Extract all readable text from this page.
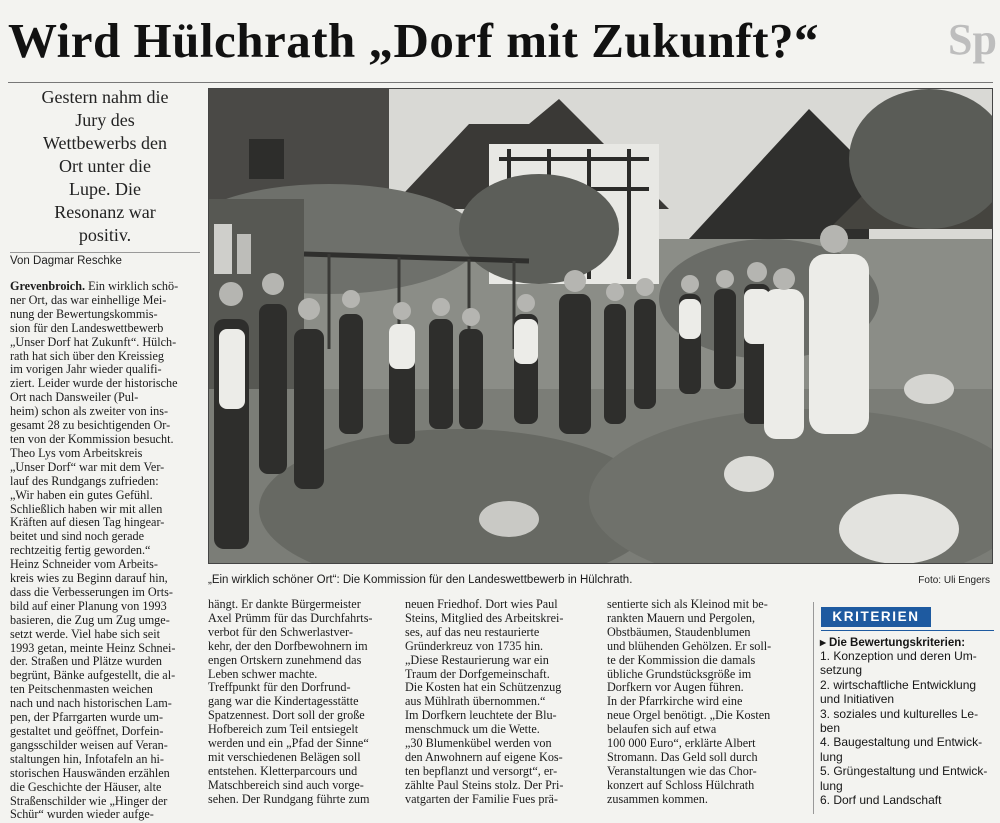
Wird Hülchrath „Dorf mit Zukunft?“	Sp
Gestern nahm die
Jury des
Wettbewerbs den
Ort unter die
Lupe. Die
Resonanz war
positiv.
Von Dagmar Reschke
„Ein wirklich schöner Ort“: Die Kommission für den Landeswettbewerb in Hülchrath.	Foto: Uli Engers
Grevenbroich. Ein wirklich schö-
ner Ort, das war einhellige Mei-
nung der Bewertungskommis-
sion für den Landeswettbewerb
„Unser Dorf hat Zukunft“. Hülch-
rath hat sich über den Kreissieg
im vorigen Jahr wieder qualifi-
ziert. Leider wurde der historische
Ort nach Dansweiler (Pul-
heim) schon als zweiter von ins-
gesamt 28 zu besichtigenden Or-
ten von der Kommission besucht.
Theo Lys vom Arbeitskreis
„Unser Dorf“ war mit dem Ver-
lauf des Rundgangs zufrieden:
„Wir haben ein gutes Gefühl.
Schließlich haben wir mit allen
Kräften auf diesen Tag hingear-
beitet und sind noch gerade
rechtzeitig fertig geworden.“
Heinz Schneider vom Arbeits-
kreis wies zu Beginn darauf hin,
dass die Verbesserungen im Orts-
bild auf einer Planung von 1993
basieren, die Zug um Zug umge-
setzt werde. Viel habe sich seit
1993 getan, meinte Heinz Schnei-
der. Straßen und Plätze wurden
begrünt, Bänke aufgestellt, die al-
ten Peitschenmasten weichen
nach und nach historischen Lam-
pen, der Pfarrgarten wurde um-
gestaltet und geöffnet, Dorfein-
gangsschilder weisen auf Veran-
staltungen hin, Infotafeln an hi-
storischen Hauswänden erzählen
die Geschichte der Häuser, alte
Straßenschilder wie „Hinger der
Schür“ wurden wieder aufge-
hängt. Er dankte Bürgermeister
Axel Prümm für das Durchfahrts-
verbot für den Schwerlastver-
kehr, der den Dorfbewohnern im
engen Ortskern zunehmend das
Leben schwer machte.
Treffpunkt für den Dorfrund-
gang war die Kindertagesstätte
Spatzennest. Dort soll der große
Hofbereich zum Teil entsiegelt
werden und ein „Pfad der Sinne“
mit verschiedenen Belägen soll
entstehen. Kletterparcours und
Matschbereich sind auch vorge-
sehen. Der Rundgang führte zum
neuen Friedhof. Dort wies Paul
Steins, Mitglied des Arbeitskrei-
ses, auf das neu restaurierte
Gründerkreuz von 1735 hin.
„Diese Restaurierung war ein
Traum der Dorfgemeinschaft.
Die Kosten hat ein Schützenzug
aus Mühlrath übernommen.“
Im Dorfkern leuchtete der Blu-
menschmuck um die Wette.
„30 Blumenkübel werden von
den Anwohnern auf eigene Kos-
ten bepflanzt und versorgt“, er-
zählte Paul Steins stolz. Der Pri-
vatgarten der Familie Fues prä-
sentierte sich als Kleinod mit be-
rankten Mauern und Pergolen,
Obstbäumen, Staudenblumen
und blühenden Gehölzen. Er soll-
te der Kommission die damals
übliche Grundstücksgröße im
Dorfkern vor Augen führen.
In der Pfarrkirche wird eine
neue Orgel benötigt. „Die Kosten
belaufen sich auf etwa
100 000 Euro“, erklärte Albert
Stromann. Das Geld soll durch
Veranstaltungen wie das Chor-
konzert auf Schloss Hülchrath
zusammen kommen.
KRITERIEN
▸ Die Bewertungskriterien:
1. Konzeption und deren Um-
setzung
2. wirtschaftliche Entwicklung
und Initiativen
3. soziales und kulturelles Le-
ben
4. Baugestaltung und Entwick-
lung
5. Grüngestaltung und Entwick-
lung
6. Dorf und Landschaft
